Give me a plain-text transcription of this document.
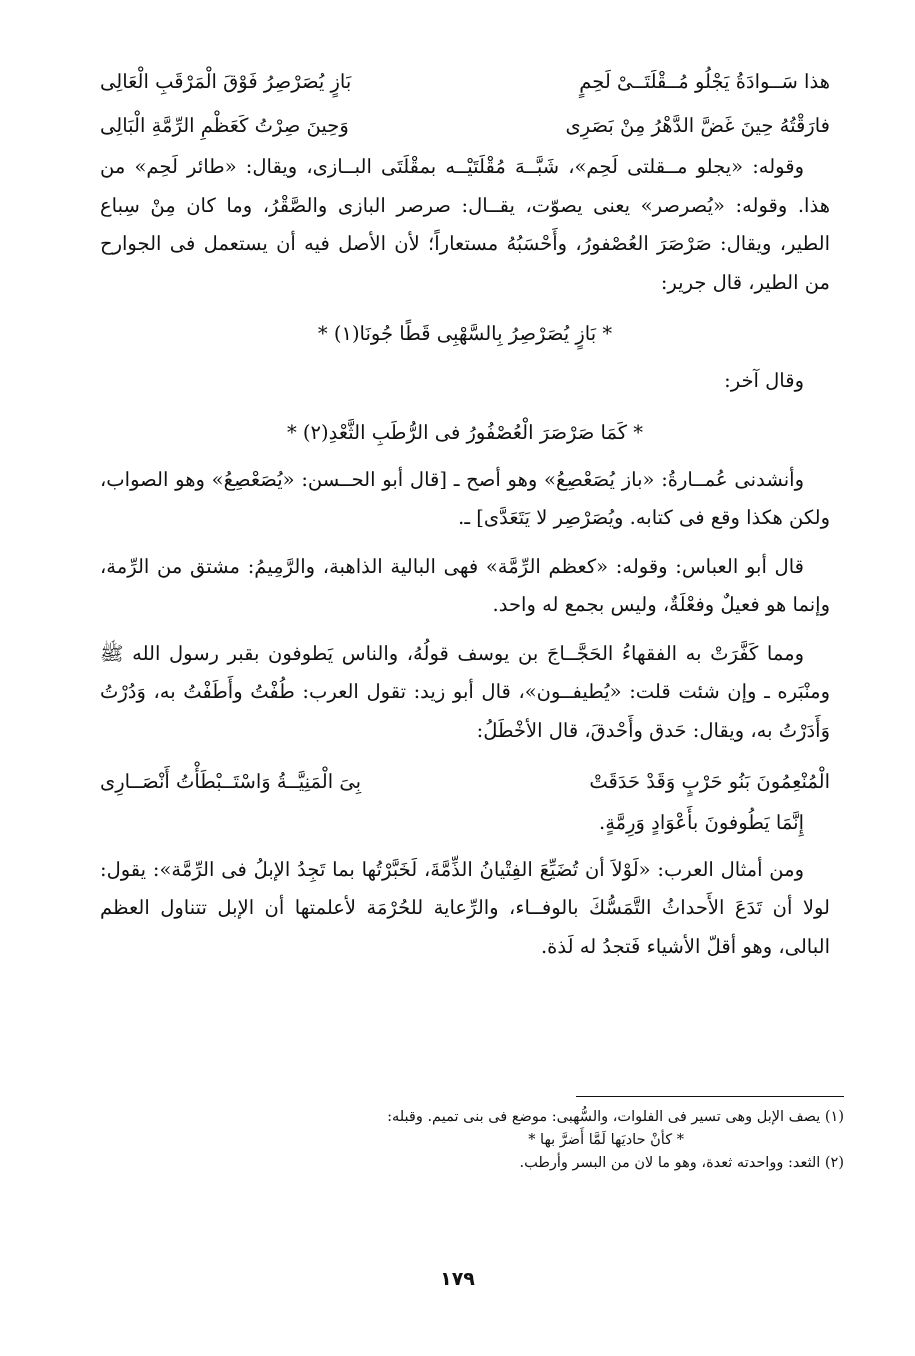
هذا سَــوادَةُ يَجْلُو مُــقْلَتَــىْ لَحِمٍ
بَازٍ يُصَرْصِرُ فَوْقَ الْمَرْقَبِ الْعَالِى
فارَقْتُهُ حِينَ غَضَّ الدَّهْرُ مِنْ بَصَرِى
وَحِينَ صِرْتُ كَعَظْمِ الرِّمَّةِ الْبَالِى

وقوله: «يجلو مــقلتى لَحِم»، شَبَّــهَ مُقْلَتَيْــه بمقْلَتَى البــازى، ويقال: «طائر لَحِم» من هذا. وقوله: «يُصرصر» يعنى يصوّت، يقــال: صرصر البازى والصَّقْرُ، وما كان مِنْ سِباع الطير، ويقال: صَرْصَرَ العُصْفورُ، وأَحْسَبُهُ مستعاراً؛ لأن الأصل فيه أن يستعمل فى الجوارح من الطير، قال جرير:

* بَازٍ يُصَرْصِرُ بِالسَّهْبِى قَطًا جُونَا(١) *

وقال آخر:

* كَمَا صَرْصَرَ الْعُصْفُورُ فى الرُّطَبِ الثَّعْدِ(٢) *

وأنشدنى عُمــارةُ: «باز يُصَعْصِعُ» وهو أصح ـ [قال أبو الحــسن: «يُصَعْصِعُ» وهو الصواب، ولكن هكذا وقع فى كتابه. ويُصَرْصِر لا يَتَعَدَّى] ـ.

قال أبو العباس: وقوله: «كعظم الرِّمَّة» فهى البالية الذاهبة، والرَّمِيمُ: مشتق من الرِّمة، وإنما هو فعيلٌ وفعْلَةٌ، وليس بجمع له واحد.

ومما كَفَّرَتْ به الفقهاءُ الحَجَّــاجَ بن يوسف قولُهُ، والناس يَطوفون بقبر رسول الله ﷺ ومنْبَره ـ وإن شئت قلت: «يُطيفــون»، قال أبو زيد: تقول العرب: طُفْتُ وأَطَفْتُ به، وَدُرْتُ وَأَدَرْتُ به، ويقال: حَدق وأَحْدقَ، قال الأخْطَلُ:

الْمُنْعِمُونَ بَنُو حَرْبٍ وَقَدْ حَدَقَتْ
بِىَ الْمَنِيَّــةُ وَاسْتَــبْطَأْتُ أَنْصَــارِى

إِنَّمَا يَطُوفونَ بأَعْوَادٍ وَرِمَّةٍ.

ومن أمثال العرب: «لَوْلاَ أن تُضَيِّعَ الفِتْيانُ الذِّمَّةَ، لَخَبَّرْتُها بما تَجِدُ الإبلُ فى الرِّمَّة»: يقول: لولا أن تَدَعَ الأَحداثُ التَّمَسُّكَ بالوفــاء، والرِّعاية للحُرْمَة لأعلمتها أن الإبل تتناول العظم البالى، وهو أقلّ الأشياء فَتجدُ له لَذة.

(١) يصف الإبل وهى تسير فى الفلوات، والسُّهبى: موضع فى بنى تميم. وقبله:
* كأنْ حاديَها لَمَّا أَضرَّ بها *
(٢) الثعد: وواحدته ثعدة، وهو ما لان من البسر وأرطب.
١٧٩
